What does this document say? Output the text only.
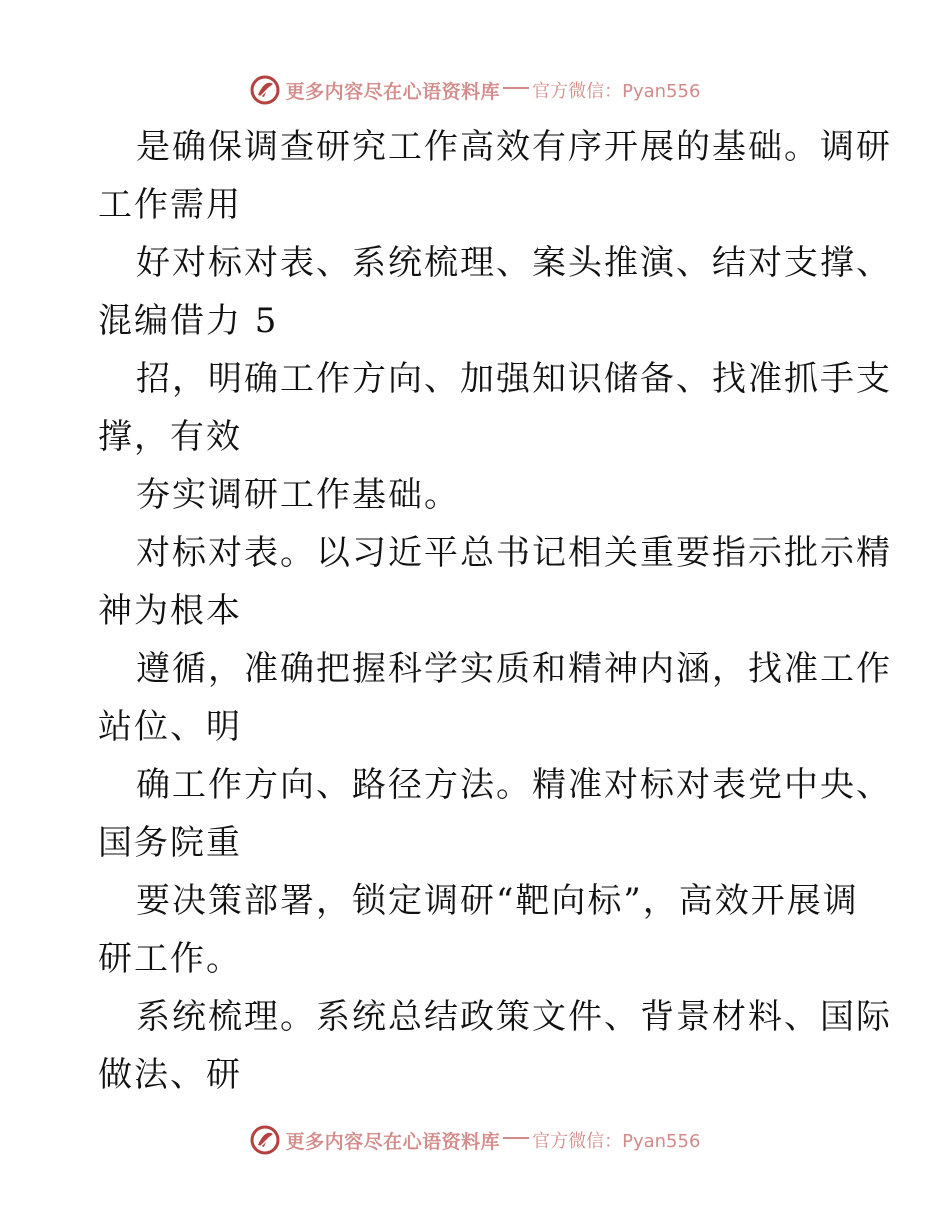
更多内容尽在心语资料库 官方微信：Pyan556
是确保调查研究工作高效有序开展的基础。调研
工作需用
好对标对表、系统梳理、案头推演、结对支撑、
混编借力 5
招，明确工作方向、加强知识储备、找准抓手支
撑，有效
夯实调研工作基础。
对标对表。以习近平总书记相关重要指示批示精
神为根本
遵循，准确把握科学实质和精神内涵，找准工作
站位、明
确工作方向、路径方法。精准对标对表党中央、
国务院重
要决策部署，锁定调研“靶向标”，高效开展调
研工作。
系统梳理。系统总结政策文件、背景材料、国际
做法、研
更多内容尽在心语资料库 官方微信：Pyan556
